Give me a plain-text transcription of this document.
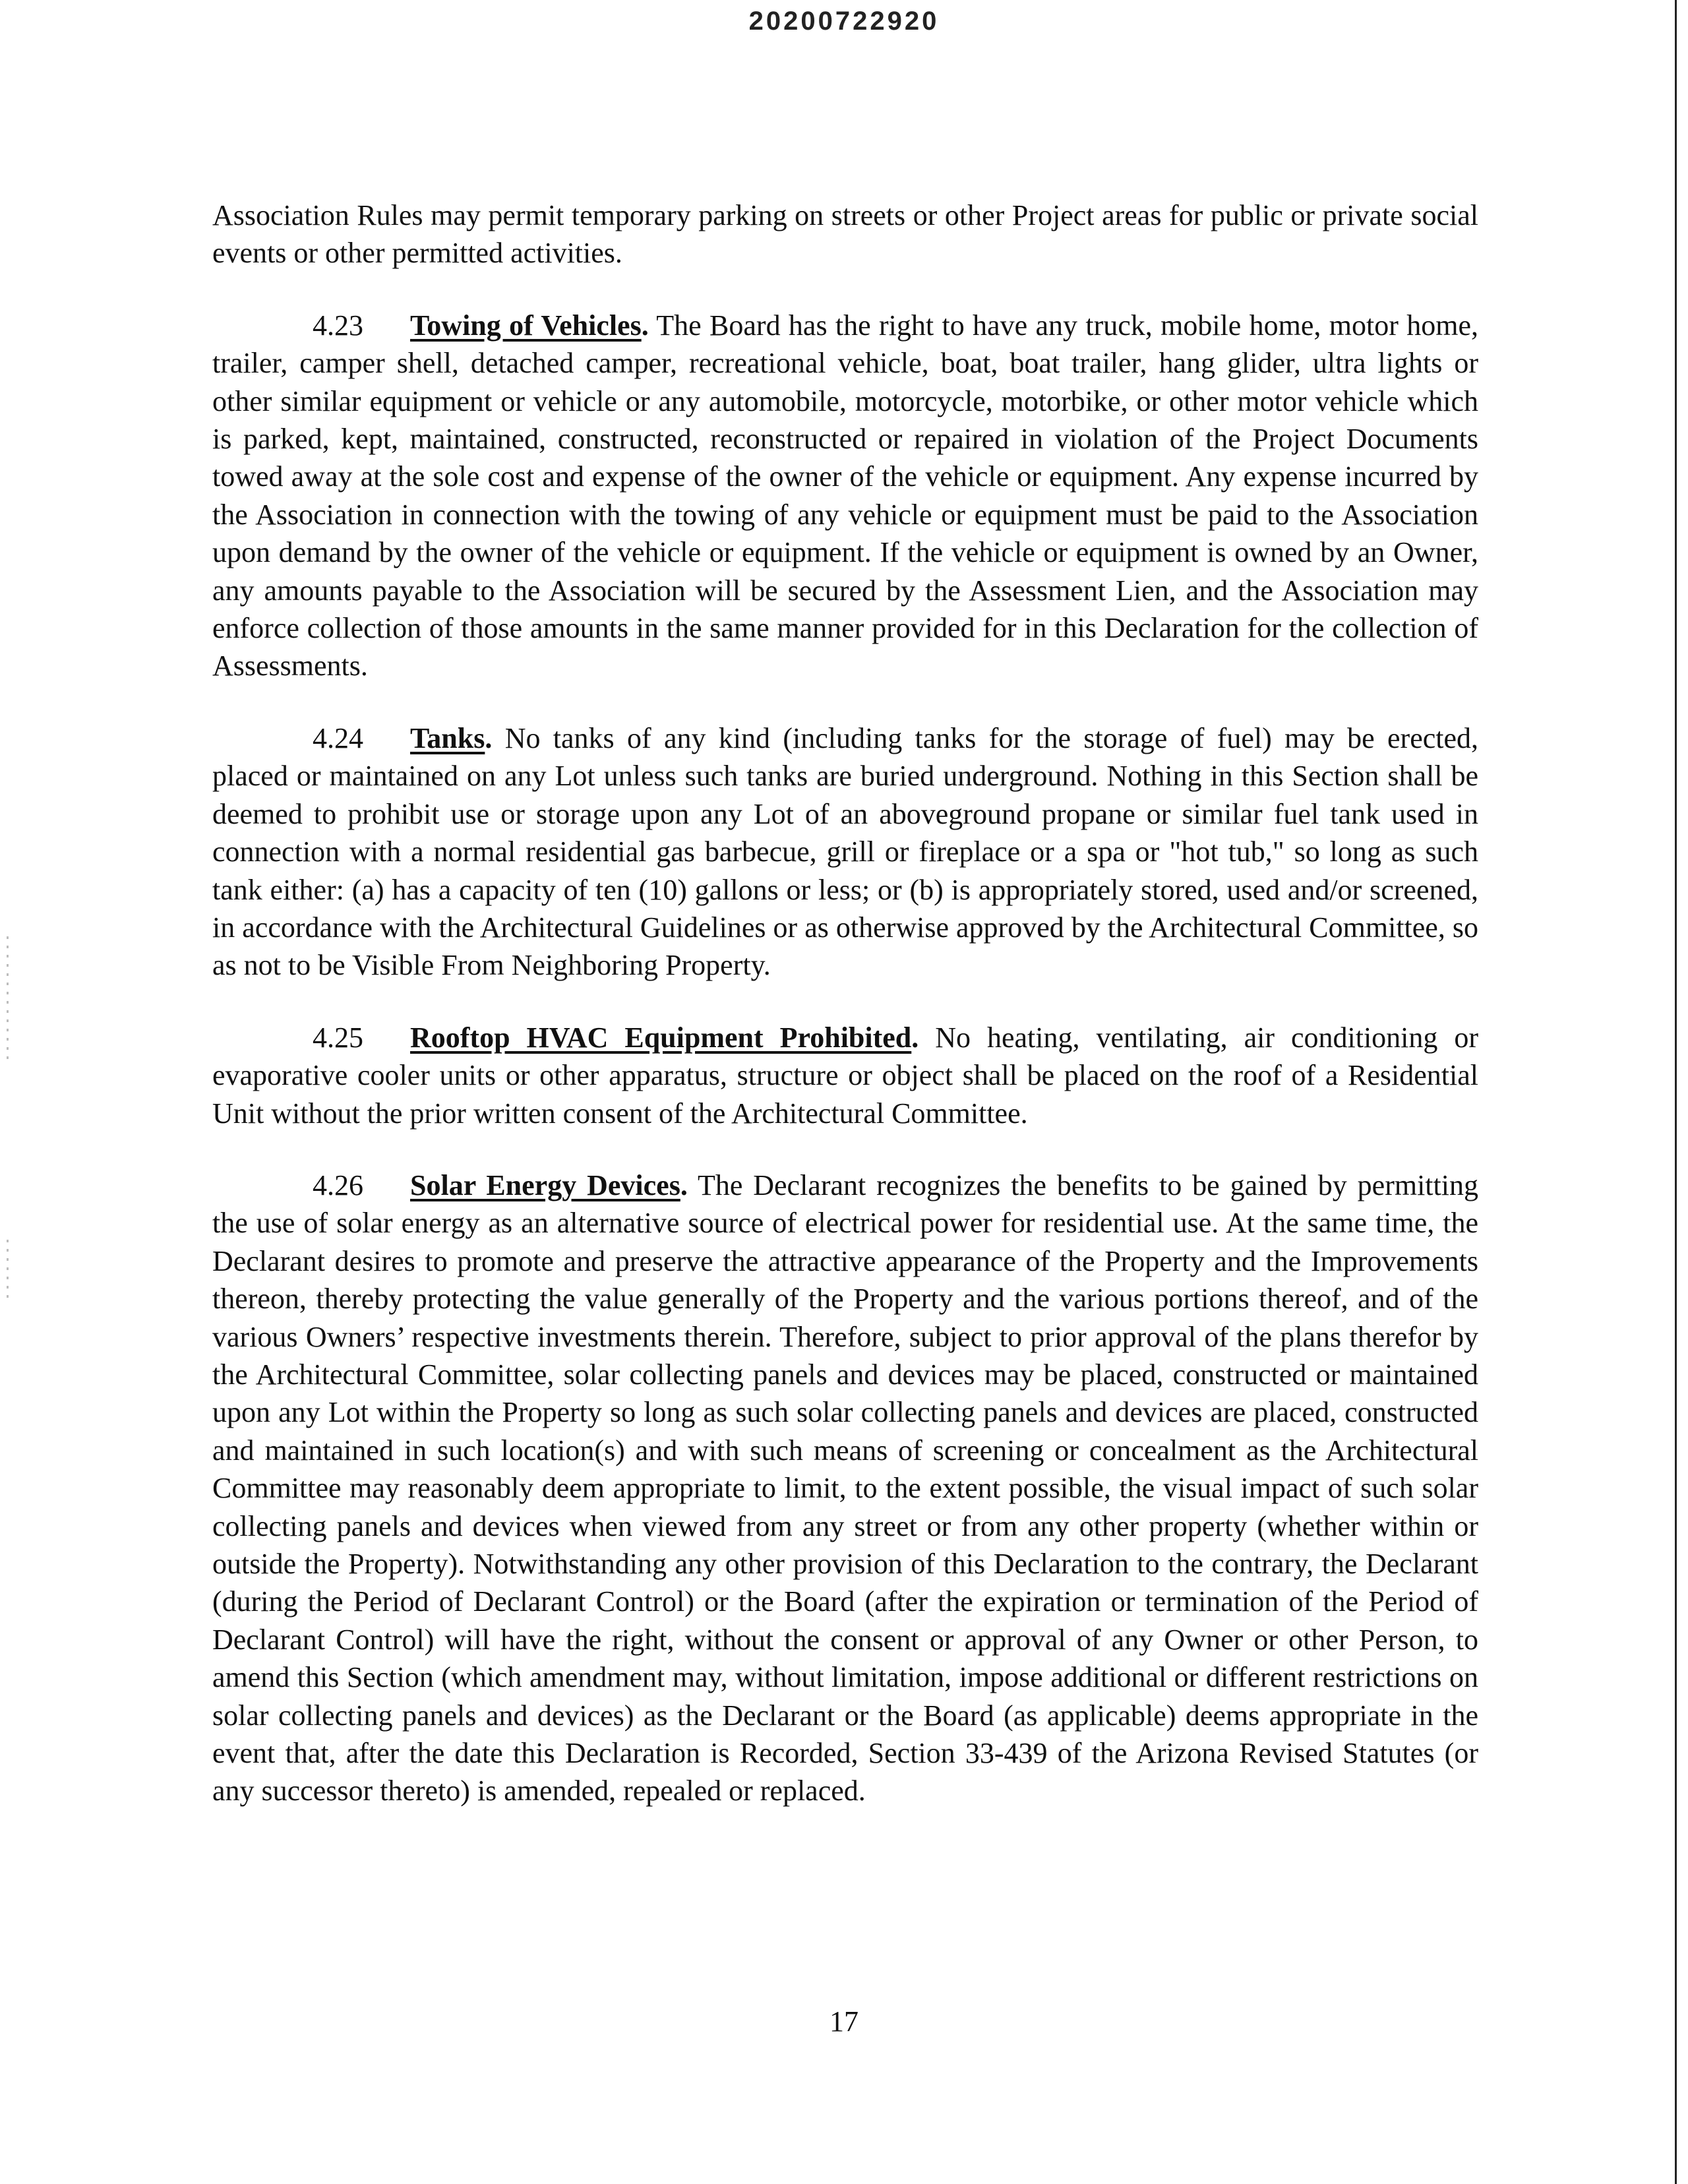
20200722920

Association Rules may permit temporary parking on streets or other Project areas for public or private social events or other permitted activities.

4.23 Towing of Vehicles. The Board has the right to have any truck, mobile home, motor home, trailer, camper shell, detached camper, recreational vehicle, boat, boat trailer, hang glider, ultra lights or other similar equipment or vehicle or any automobile, motorcycle, motorbike, or other motor vehicle which is parked, kept, maintained, constructed, reconstructed or repaired in violation of the Project Documents towed away at the sole cost and expense of the owner of the vehicle or equipment. Any expense incurred by the Association in connection with the towing of any vehicle or equipment must be paid to the Association upon demand by the owner of the vehicle or equipment. If the vehicle or equipment is owned by an Owner, any amounts payable to the Association will be secured by the Assessment Lien, and the Association may enforce collection of those amounts in the same manner provided for in this Declaration for the collection of Assessments.

4.24 Tanks. No tanks of any kind (including tanks for the storage of fuel) may be erected, placed or maintained on any Lot unless such tanks are buried underground. Nothing in this Section shall be deemed to prohibit use or storage upon any Lot of an aboveground propane or similar fuel tank used in connection with a normal residential gas barbecue, grill or fireplace or a spa or "hot tub," so long as such tank either: (a) has a capacity of ten (10) gallons or less; or (b) is appropriately stored, used and/or screened, in accordance with the Architectural Guidelines or as otherwise approved by the Architectural Committee, so as not to be Visible From Neighboring Property.

4.25 Rooftop HVAC Equipment Prohibited. No heating, ventilating, air conditioning or evaporative cooler units or other apparatus, structure or object shall be placed on the roof of a Residential Unit without the prior written consent of the Architectural Committee.

4.26 Solar Energy Devices. The Declarant recognizes the benefits to be gained by permitting the use of solar energy as an alternative source of electrical power for residential use. At the same time, the Declarant desires to promote and preserve the attractive appearance of the Property and the Improvements thereon, thereby protecting the value generally of the Property and the various portions thereof, and of the various Owners’ respective investments therein. Therefore, subject to prior approval of the plans therefor by the Architectural Committee, solar collecting panels and devices may be placed, constructed or maintained upon any Lot within the Property so long as such solar collecting panels and devices are placed, constructed and maintained in such location(s) and with such means of screening or concealment as the Architectural Committee may reasonably deem appropriate to limit, to the extent possible, the visual impact of such solar collecting panels and devices when viewed from any street or from any other property (whether within or outside the Property). Notwithstanding any other provision of this Declaration to the contrary, the Declarant (during the Period of Declarant Control) or the Board (after the expiration or termination of the Period of Declarant Control) will have the right, without the consent or approval of any Owner or other Person, to amend this Section (which amendment may, without limitation, impose additional or different restrictions on solar collecting panels and devices) as the Declarant or the Board (as applicable) deems appropriate in the event that, after the date this Declaration is Recorded, Section 33-439 of the Arizona Revised Statutes (or any successor thereto) is amended, repealed or replaced.

17
